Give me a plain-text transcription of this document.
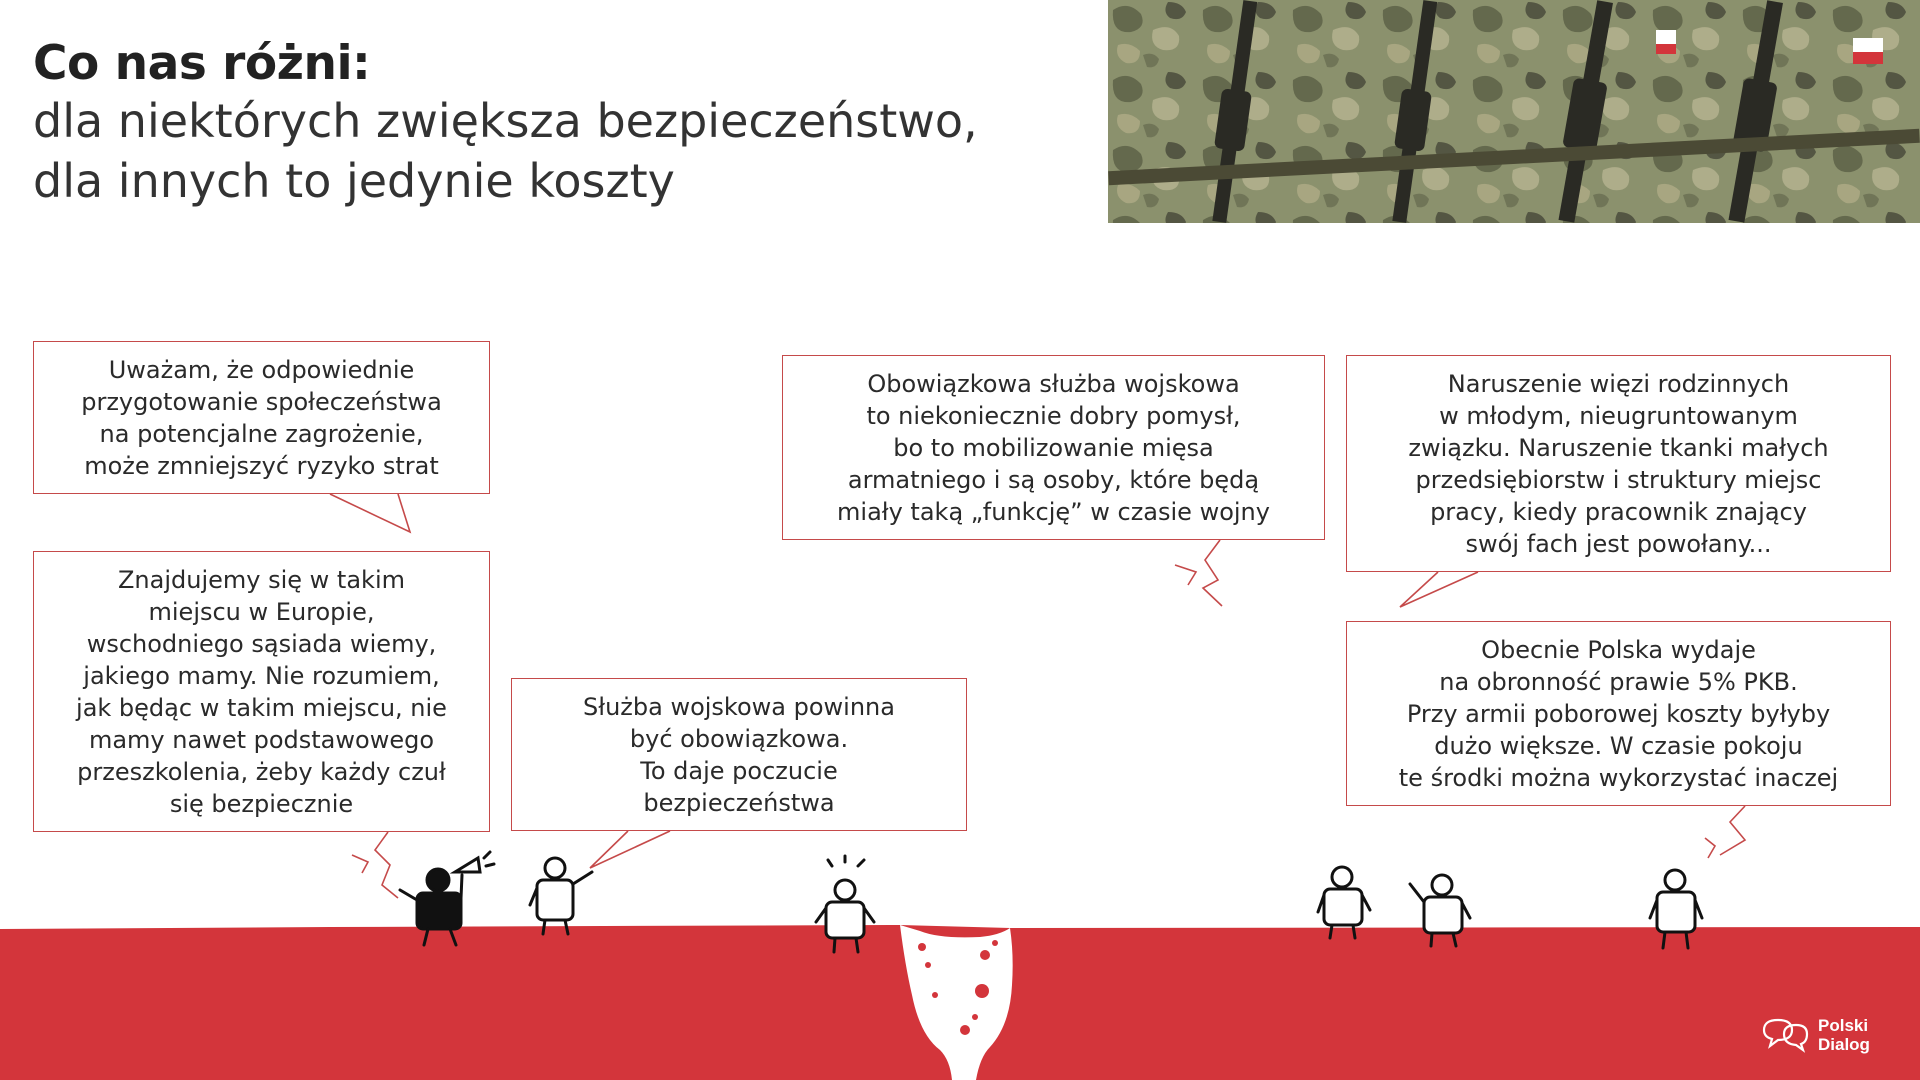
Co nas różni:
dla niektórych zwiększa bezpieczeństwo,
dla innych to jedynie koszty
Uważam, że odpowiednie
przygotowanie społeczeństwa
na potencjalne zagrożenie,
może zmniejszyć ryzyko strat
Znajdujemy się w takim
miejscu w Europie,
wschodniego sąsiada wiemy,
jakiego mamy. Nie rozumiem,
jak będąc w takim miejscu, nie
mamy nawet podstawowego
przeszkolenia, żeby każdy czuł
się bezpiecznie
Służba wojskowa powinna
być obowiązkowa.
To daje poczucie
bezpieczeństwa
Obowiązkowa służba wojskowa
to niekoniecznie dobry pomysł,
bo to mobilizowanie mięsa
armatniego i są osoby, które będą
miały taką „funkcję” w czasie wojny
Naruszenie więzi rodzinnych
w młodym, nieugruntowanym
związku. Naruszenie tkanki małych
przedsiębiorstw i struktury miejsc
pracy, kiedy pracownik znający
swój fach jest powołany...
Obecnie Polska wydaje
na obronność prawie 5% PKB.
Przy armii poborowej koszty byłyby
dużo większe. W czasie pokoju
te środki można wykorzystać inaczej
Polski
Dialog
